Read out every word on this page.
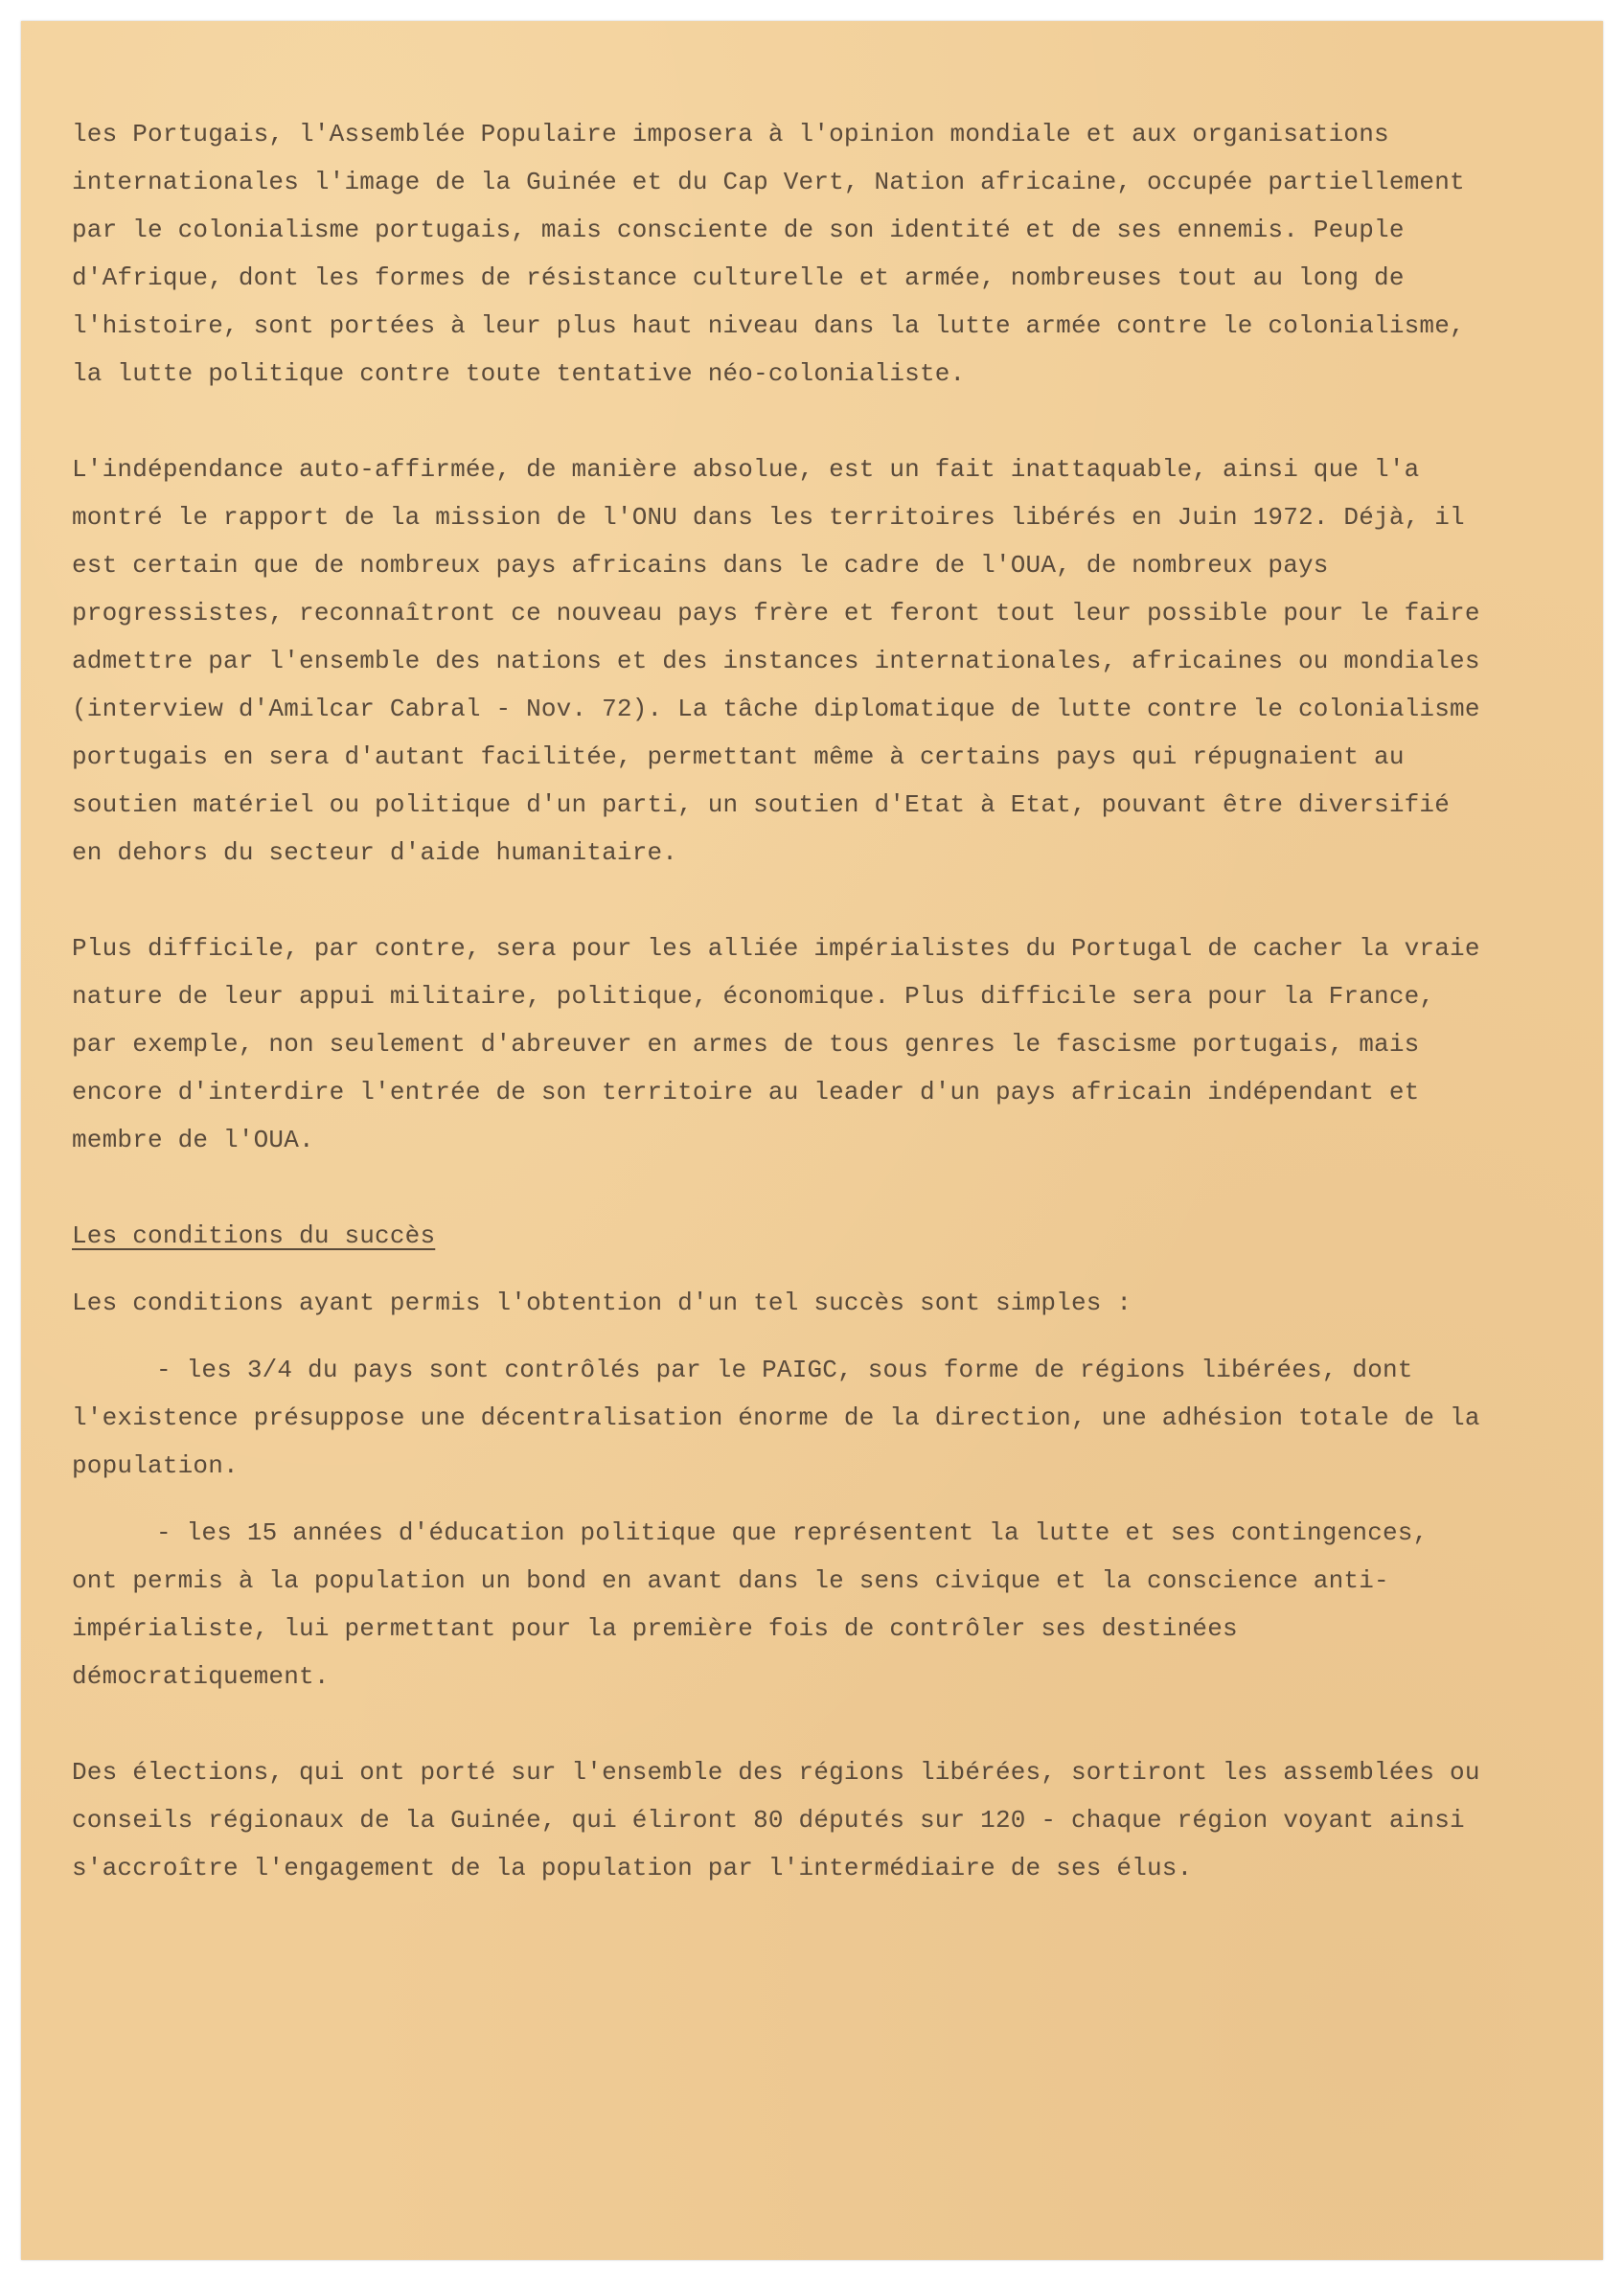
les Portugais, l'Assemblée Populaire imposera à l'opinion mondiale et aux organisations internationales l'image de la Guinée et du Cap Vert, Nation africaine, occupée partiellement par le colonialisme portugais, mais consciente de son identité et de ses ennemis. Peuple d'Afrique, dont les formes de résistance culturelle et armée, nombreuses tout au long de l'histoire, sont portées à leur plus haut niveau dans la lutte armée contre le colonialisme, la lutte politique contre toute tentative néo-colonialiste.

L'indépendance auto-affirmée, de manière absolue, est un fait inattaquable, ainsi que l'a montré le rapport de la mission de l'ONU dans les territoires libérés en Juin 1972. Déjà, il est certain que de nombreux pays africains dans le cadre de l'OUA, de nombreux pays progressistes, reconnaîtront ce nouveau pays frère et feront tout leur possible pour le faire admettre par l'ensemble des nations et des instances internationales, africaines ou mondiales (interview d'Amilcar Cabral - Nov. 72). La tâche diplomatique de lutte contre le colonialisme portugais en sera d'autant facilitée, permettant même à certains pays qui répugnaient au soutien matériel ou politique d'un parti, un soutien d'Etat à Etat, pouvant être diversifié en dehors du secteur d'aide humanitaire.

Plus difficile, par contre, sera pour les alliée impérialistes du Portugal de cacher la vraie nature de leur appui militaire, politique, économique. Plus difficile sera pour la France, par exemple, non seulement d'abreuver en armes de tous genres le fascisme portugais, mais encore d'interdire l'entrée de son territoire au leader d'un pays africain indépendant et membre de l'OUA.

Les conditions du succès

Les conditions ayant permis l'obtention d'un tel succès sont simples :

- les 3/4 du pays sont contrôlés par le PAIGC, sous forme de régions libérées, dont l'existence présuppose une décentralisation énorme de la direction, une adhésion totale de la population.

- les 15 années d'éducation politique que représentent la lutte et ses contingences, ont permis à la population un bond en avant dans le sens civique et la conscience anti-impérialiste, lui permettant pour la première fois de contrôler ses destinées démocratiquement.

Des élections, qui ont porté sur l'ensemble des régions libérées, sortiront les assemblées ou conseils régionaux de la Guinée, qui éliront 80 députés sur 120 - chaque région voyant ainsi s'accroître l'engagement de la population par l'intermédiaire de ses élus.
